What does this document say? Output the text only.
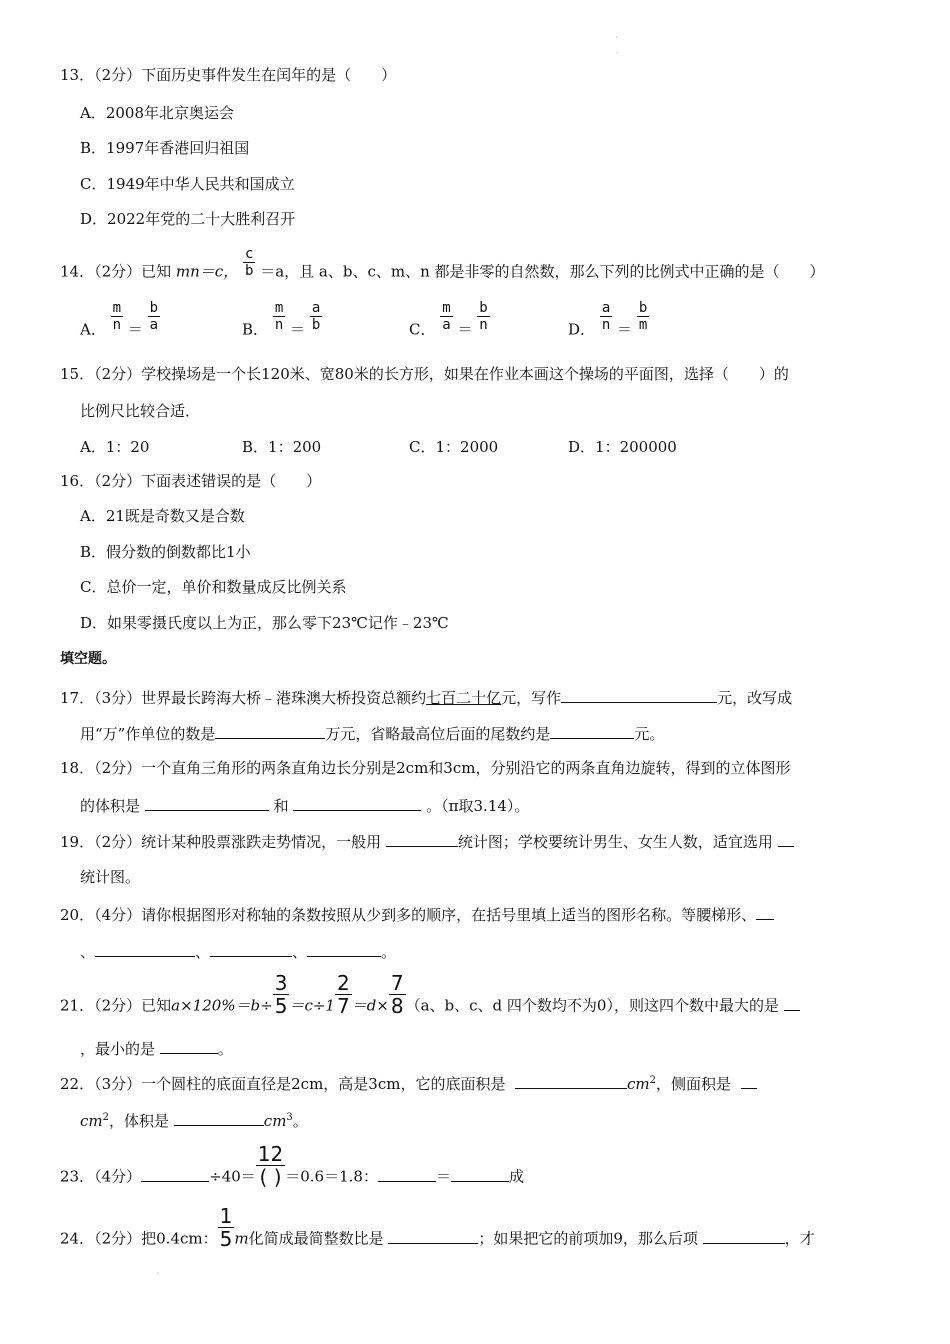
'
.
:
13．（2分）下面历史事件发生在闰年的是（　　）
A．2008年北京奥运会
B．1997年香港回归祖国
C．1949年中华人民共和国成立
D．2022年党的二十大胜利召开
14．（2分）已知 mn＝c， $\frac{c}{b} =a$，且 a、b、c、m、n 都是非零的自然数，那么下列的比例式中正确的是（　　）
A． $\frac{m}{n} = \frac{b}{a}$	B． $\frac{m}{n} = \frac{a}{b}$	C． $\frac{m}{a} = \frac{b}{n}$	D． $\frac{a}{n} = \frac{b}{m}$
15．（2分）学校操场是一个长120米、宽80米的长方形，如果在作业本画这个操场的平面图，选择（　　）的
比例尺比较合适．
A．1：20	B．1：200	C．1：2000	D．1：200000
16．（2分）下面表述错误的是（　　）
A．21既是奇数又是合数
B．假分数的倒数都比1小
C．总价一定，单价和数量成反比例关系
D．如果零摄氏度以上为正，那么零下23℃记作﹣23℃
填空题。
17．（3分）世界最长跨海大桥﹣港珠澳大桥投资总额约七百二十亿元，写作	元，改写成
用“万”作单位的数是	万元，省略最高位后面的尾数约是	元。
18．（2分）一个直角三角形的两条直角边长分别是2cm和3cm，分别沿它的两条直角边旋转，得到的立体图形
的体积是	和	。（π取3.14）。
19．（2分）统计某种股票涨跌走势情况，一般用	统计图；学校要统计男生、女生人数，适宜选用
统计图。
20．（4分）请你根据图形对称轴的条数按照从少到多的顺序，在括号里填上适当的图形名称。等腰梯形、
、	、	、	。
21．（2分）已知$a\times 120\%=b\div \frac{3}{5} =c\div 1 \frac{2}{7} =d\times \frac{7}{8} (a$、b、c、d 四个数均不为0），则这四个数中最大的是
，最小的是	。
22．（3分）一个圆柱的底面直径是2cm，高是3cm，它的底面积是	$cm^2$，侧面积是
$cm^2$，体积是	$cm^3$。
23．（4分）	$\div 40= \frac{12}{( )} =0.6=1.8$：	＝	成
24．（2分）把0.4cm： $\frac{1}{5}$ m化简成最简整数比是	；如果把它的前项加9，那么后项	，才
